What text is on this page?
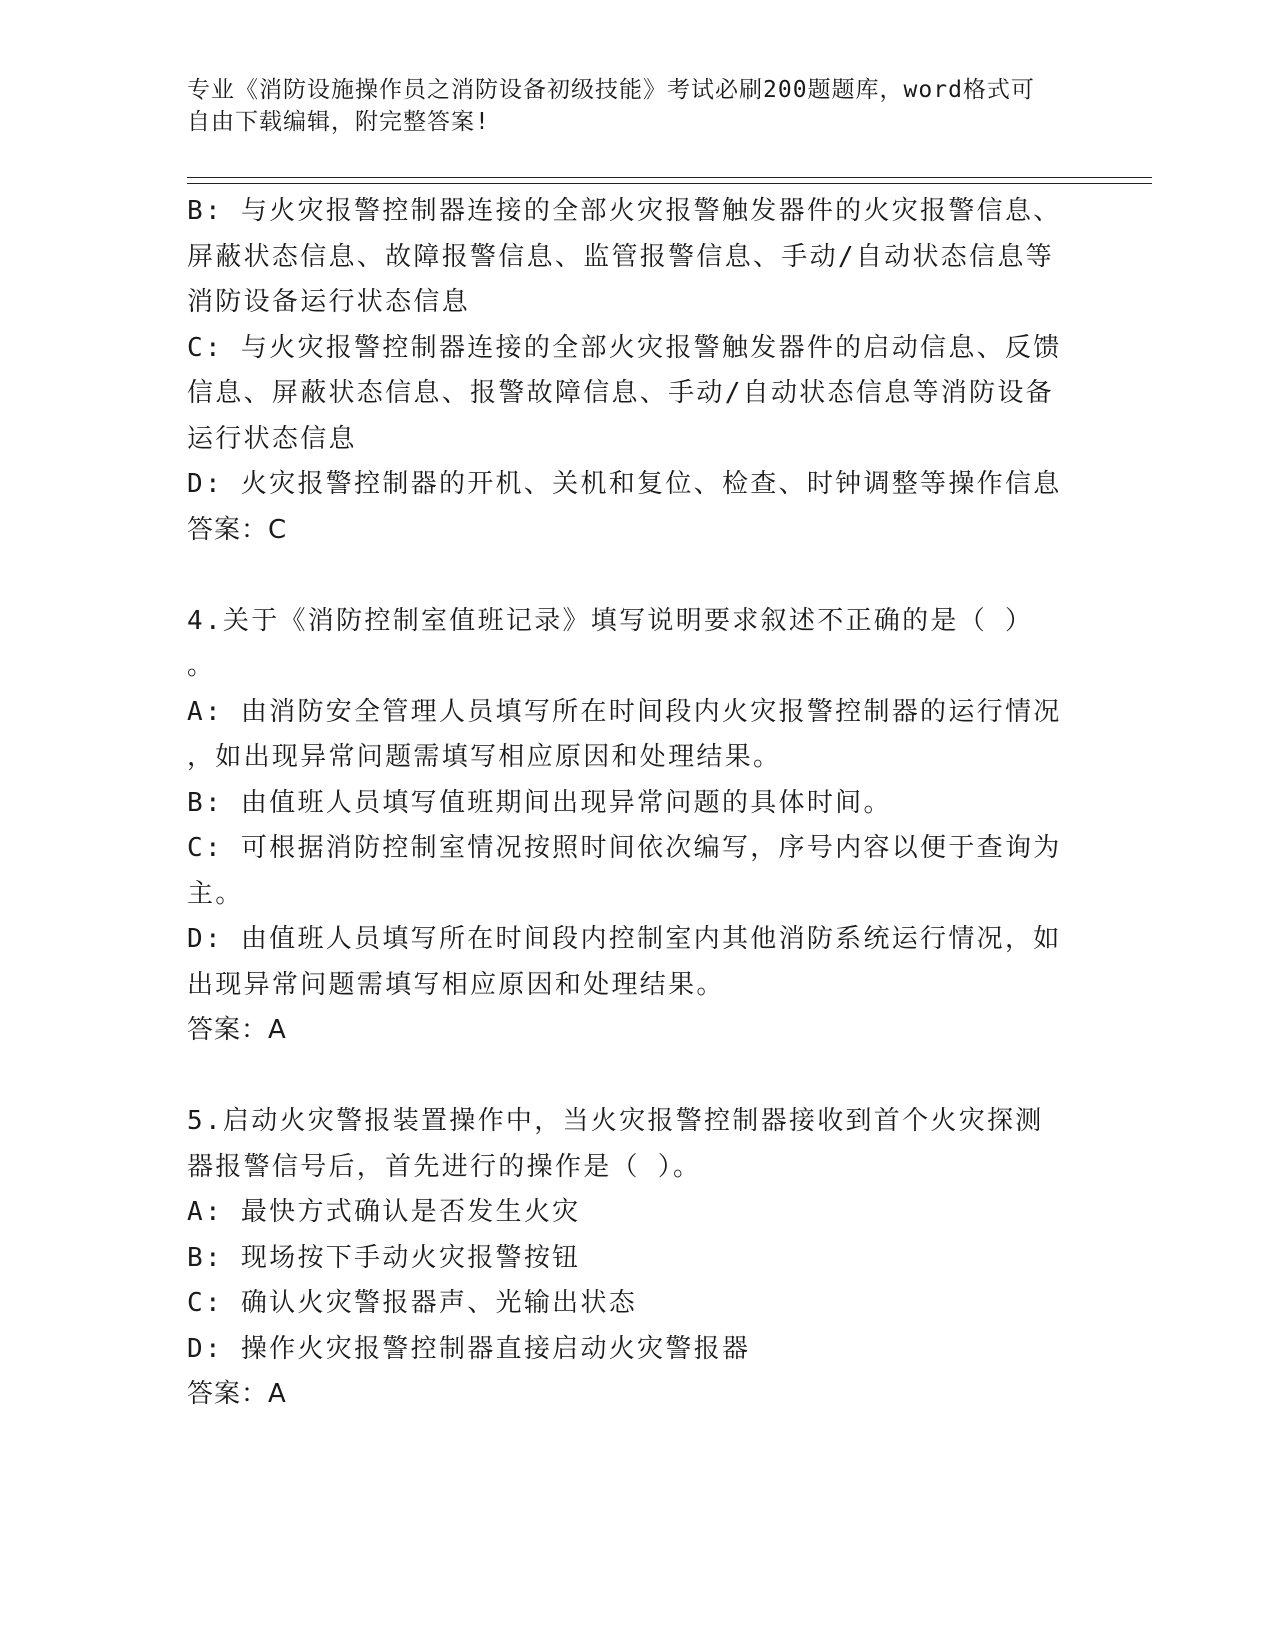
专业《消防设施操作员之消防设备初级技能》考试必刷200题题库，word格式可
自由下载编辑，附完整答案!
B: 与火灾报警控制器连接的全部火灾报警触发器件的火灾报警信息、
屏蔽状态信息、故障报警信息、监管报警信息、手动/自动状态信息等
消防设备运行状态信息
C: 与火灾报警控制器连接的全部火灾报警触发器件的启动信息、反馈
信息、屏蔽状态信息、报警故障信息、手动/自动状态信息等消防设备
运行状态信息
D: 火灾报警控制器的开机、关机和复位、检查、时钟调整等操作信息
答案：C
4.关于《消防控制室值班记录》填写说明要求叙述不正确的是（ ）
。
A: 由消防安全管理人员填写所在时间段内火灾报警控制器的运行情况
，如出现异常问题需填写相应原因和处理结果。
B: 由值班人员填写值班期间出现异常问题的具体时间。
C: 可根据消防控制室情况按照时间依次编写，序号内容以便于查询为
主。
D: 由值班人员填写所在时间段内控制室内其他消防系统运行情况，如
出现异常问题需填写相应原因和处理结果。
答案：A
5.启动火灾警报装置操作中，当火灾报警控制器接收到首个火灾探测
器报警信号后，首先进行的操作是（ ）。
A: 最快方式确认是否发生火灾
B: 现场按下手动火灾报警按钮
C: 确认火灾警报器声、光输出状态
D: 操作火灾报警控制器直接启动火灾警报器
答案：A
